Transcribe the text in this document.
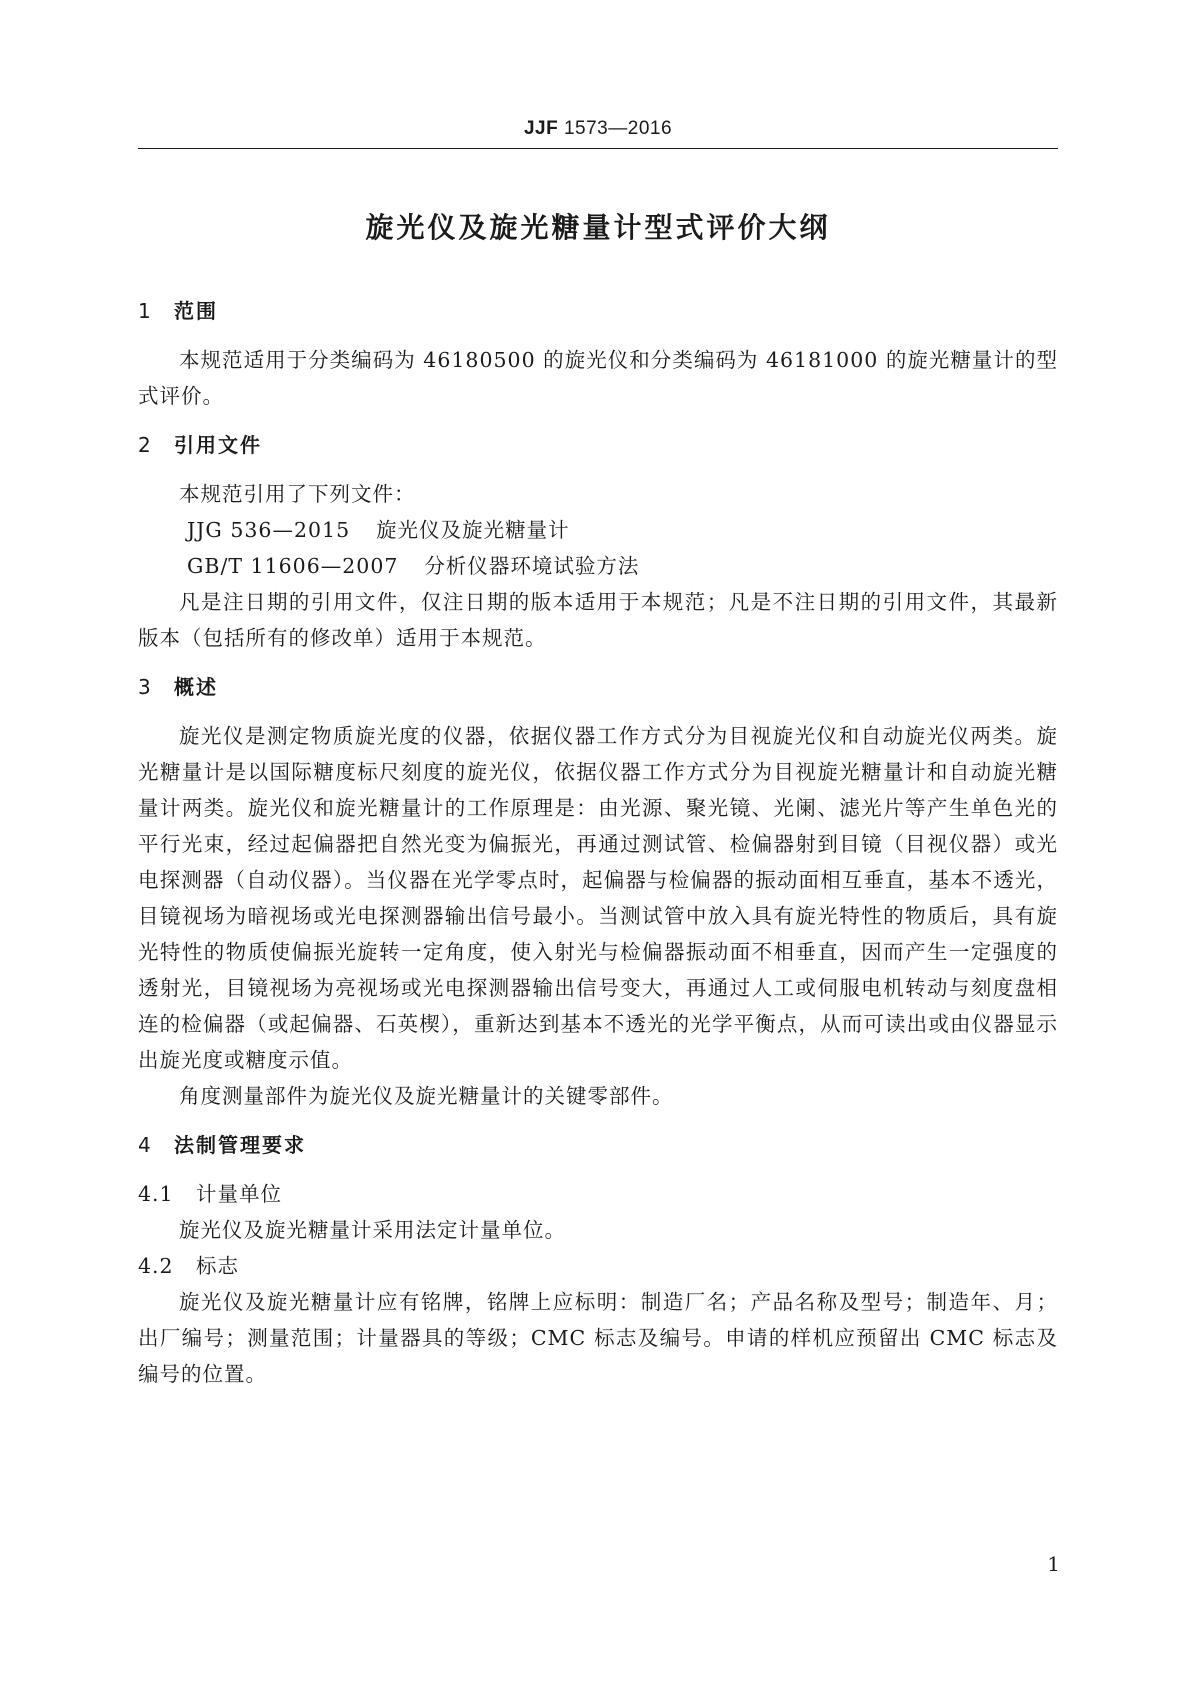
JJF 1573—2016
旋光仪及旋光糖量计型式评价大纲
1 范围

本规范适用于分类编码为 46180500 的旋光仪和分类编码为 46181000 的旋光糖量计的型式评价。

2 引用文件

本规范引用了下列文件：

JJG 536—2015 旋光仪及旋光糖量计
GB/T 11606—2007 分析仪器环境试验方法

凡是注日期的引用文件，仅注日期的版本适用于本规范；凡是不注日期的引用文件，其最新版本（包括所有的修改单）适用于本规范。

3 概述

旋光仪是测定物质旋光度的仪器，依据仪器工作方式分为目视旋光仪和自动旋光仪两类。旋光糖量计是以国际糖度标尺刻度的旋光仪，依据仪器工作方式分为目视旋光糖量计和自动旋光糖量计两类。旋光仪和旋光糖量计的工作原理是：由光源、聚光镜、光阑、滤光片等产生单色光的平行光束，经过起偏器把自然光变为偏振光，再通过测试管、检偏器射到目镜（目视仪器）或光电探测器（自动仪器）。当仪器在光学零点时，起偏器与检偏器的振动面相互垂直，基本不透光，目镜视场为暗视场或光电探测器输出信号最小。当测试管中放入具有旋光特性的物质后，具有旋光特性的物质使偏振光旋转一定角度，使入射光与检偏器振动面不相垂直，因而产生一定强度的透射光，目镜视场为亮视场或光电探测器输出信号变大，再通过人工或伺服电机转动与刻度盘相连的检偏器（或起偏器、石英楔），重新达到基本不透光的光学平衡点，从而可读出或由仪器显示出旋光度或糖度示值。

角度测量部件为旋光仪及旋光糖量计的关键零部件。

4 法制管理要求
4.1 计量单位

旋光仪及旋光糖量计采用法定计量单位。

4.2 标志

旋光仪及旋光糖量计应有铭牌，铭牌上应标明：制造厂名；产品名称及型号；制造年、月；出厂编号；测量范围；计量器具的等级；CMC 标志及编号。申请的样机应预留出 CMC 标志及编号的位置。

1
